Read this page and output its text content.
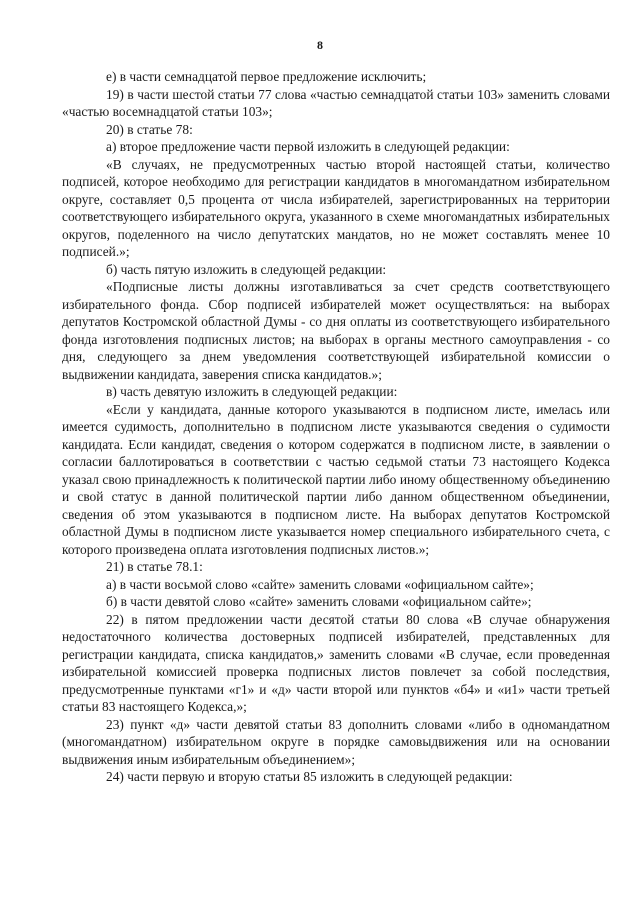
8

е) в части семнадцатой первое предложение исключить;

19) в части шестой статьи 77 слова «частью семнадцатой статьи 103» заменить словами «частью восемнадцатой статьи 103»;

20) в статье 78:

а) второе предложение части первой изложить в следующей редакции:

«В случаях, не предусмотренных частью второй настоящей статьи, количество подписей, которое необходимо для регистрации кандидатов в многомандатном избирательном округе, составляет 0,5 процента от числа избирателей, зарегистрированных на территории соответствующего избирательного округа, указанного в схеме многомандатных избирательных округов, поделенного на число депутатских мандатов, но не может составлять менее 10 подписей.»;

б) часть пятую изложить в следующей редакции:

«Подписные листы должны изготавливаться за счет средств соответствующего избирательного фонда. Сбор подписей избирателей может осуществляться: на выборах депутатов Костромской областной Думы - со дня оплаты из соответствующего избирательного фонда изготовления подписных листов; на выборах в органы местного самоуправления - со дня, следующего за днем уведомления соответствующей избирательной комиссии о выдвижении кандидата, заверения списка кандидатов.»;

в) часть девятую изложить в следующей редакции:

«Если у кандидата, данные которого указываются в подписном листе, имелась или имеется судимость, дополнительно в подписном листе указываются сведения о судимости кандидата. Если кандидат, сведения о котором содержатся в подписном листе, в заявлении о согласии баллотироваться в соответствии с частью седьмой статьи 73 настоящего Кодекса указал свою принадлежность к политической партии либо иному общественному объединению и свой статус в данной политической партии либо данном общественном объединении, сведения об этом указываются в подписном листе. На выборах депутатов Костромской областной Думы в подписном листе указывается номер специального избирательного счета, с которого произведена оплата изготовления подписных листов.»;

21) в статье 78.1:

а) в части восьмой слово «сайте» заменить словами «официальном сайте»;

б) в части девятой слово «сайте» заменить словами «официальном сайте»;

22) в пятом предложении части десятой статьи 80 слова «В случае обнаружения недостаточного количества достоверных подписей избирателей, представленных для регистрации кандидата, списка кандидатов,» заменить словами «В случае, если проведенная избирательной комиссией проверка подписных листов повлечет за собой последствия, предусмотренные пунктами «г1» и «д» части второй или пунктов «б4» и «и1» части третьей статьи 83 настоящего Кодекса,»;

23) пункт «д» части девятой статьи 83 дополнить словами «либо в одномандатном (многомандатном) избирательном округе в порядке самовыдвижения или на основании выдвижения иным избирательным объединением»;

24) части первую и вторую статьи 85 изложить в следующей редакции:
